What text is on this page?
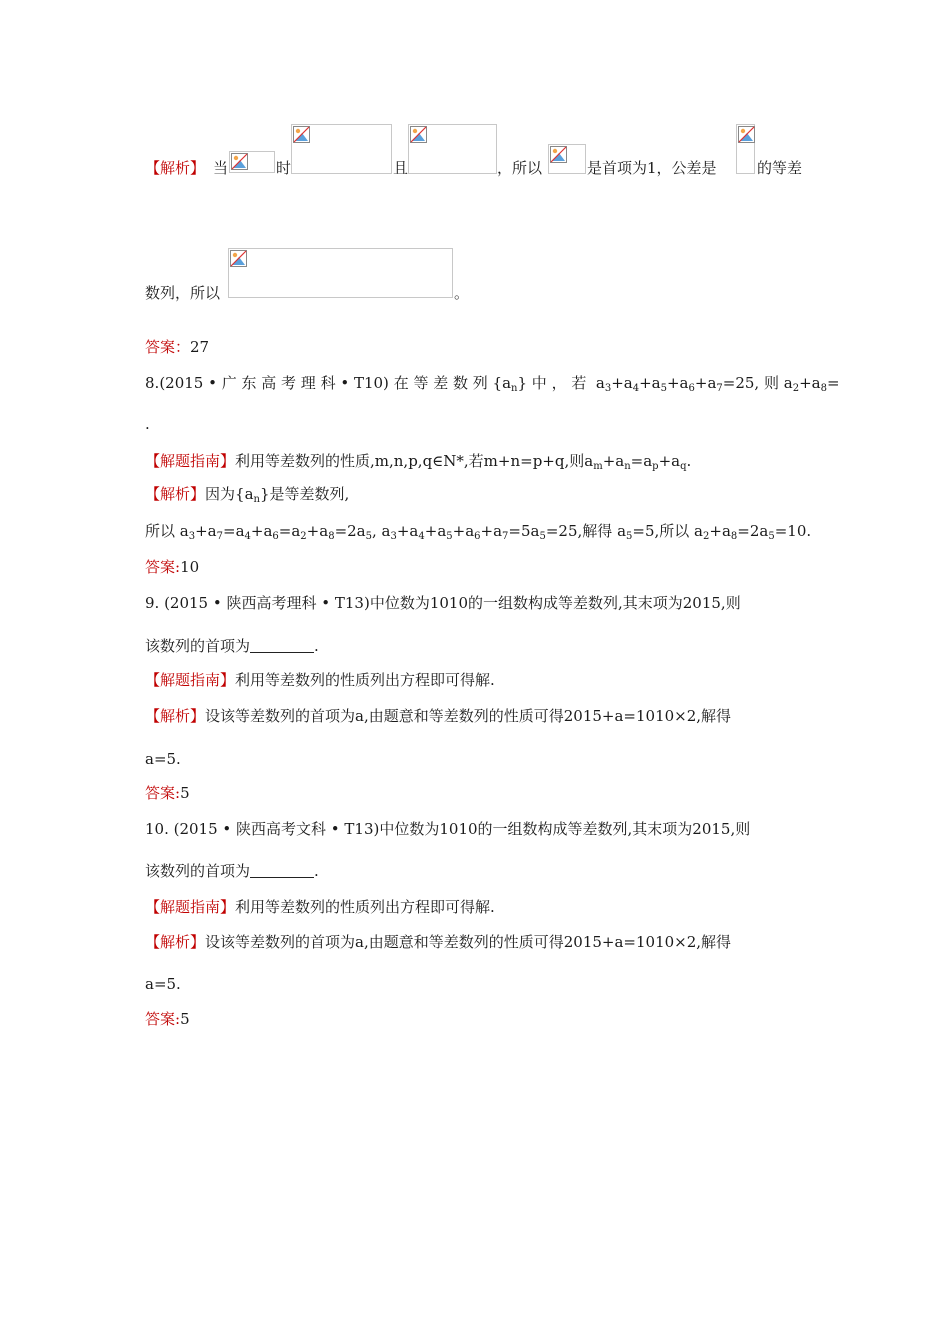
【解析】 当	时	且	，所以	是首项为1，公差是	的等差
数列，所以	。
答案：27
8.(2015 • 广 东 高 考 理 科 • T10) 在 等 差 数 列 $\{a_n\}$ 中 ， 若  $a_3+a_4+a_5+a_6+a_7=25$, 则 $a_2+a_8=$
.
【解题指南】利用等差数列的性质,m,n,p,q∈N*,若m+n=p+q,则$a_m+a_n=a_p+a_q$.
【解析】因为$\{a_n\}$是等差数列,
所以 $a_3+a_7=a_4+a_6=a_2+a_8=2a_5$, $a_3+a_4+a_5+a_6+a_7=5a_5=25$,解得 $a_5=5$,所以 $a_2+a_8=2a_5=10$.
答案:10
9. (2015 • 陕西高考理科 • T13)中位数为1010的一组数构成等差数列,其末项为2015,则
该数列的首项为	.
【解题指南】利用等差数列的性质列出方程即可得解.
【解析】设该等差数列的首项为a,由题意和等差数列的性质可得2015+a=1010×2,解得
a=5.
答案:5
10. (2015 • 陕西高考文科 • T13)中位数为1010的一组数构成等差数列,其末项为2015,则
该数列的首项为	.
【解题指南】利用等差数列的性质列出方程即可得解.
【解析】设该等差数列的首项为a,由题意和等差数列的性质可得2015+a=1010×2,解得
a=5.
答案:5
